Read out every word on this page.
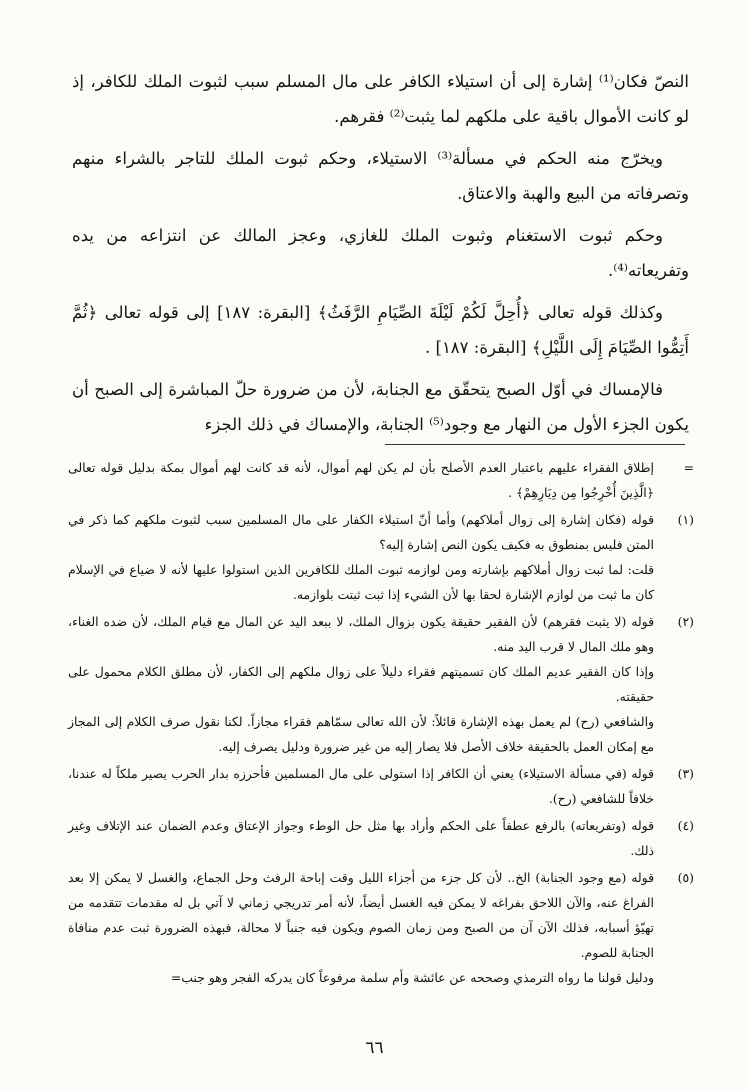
النصّ فكان⁽¹⁾ إشارة إلى أن استيلاء الكافر على مال المسلم سبب لثبوت الملك للكافر، إذ لو كانت الأموال باقية على ملكهم لما يثبت⁽²⁾ فقرهم.

ويخرّج منه الحكم في مسألة⁽³⁾ الاستيلاء، وحكم ثبوت الملك للتاجر بالشراء منهم وتصرفاته من البيع والهبة والاعتاق.

وحكم ثبوت الاستغنام وثبوت الملك للغازي، وعجز المالك عن انتزاعه من يده وتفريعاته⁽⁴⁾.

وكذلك قوله تعالى ﴿أُحِلَّ لَكُمْ لَيْلَةَ الصِّيَامِ الرَّفَثُ﴾ [البقرة: ١٨٧] إلى قوله تعالى ﴿ثُمَّ أَتِمُّوا الصِّيَامَ إِلَى اللَّيْلِ﴾ [البقرة: ١٨٧] .

فالإمساك في أوّل الصبح يتحقّق مع الجنابة، لأن من ضرورة حلّ المباشرة إلى الصبح أن يكون الجزء الأول من النهار مع وجود⁽⁵⁾ الجنابة، والإمساك في ذلك الجزء

=

إطلاق الفقراء عليهم باعتبار العدم الأصلح بأن لم يكن لهم أموال، لأنه قد كانت لهم أموال بمكة بدليل قوله تعالى ﴿الَّذِينَ أُخْرِجُوا مِن دِيَارِهِمْ﴾ .

(١)

قوله (فكان إشارة إلى زوال أملاكهم) وأما أنّ استيلاء الكفار على مال المسلمين سبب لثبوت ملكهم كما ذكر في المتن فليس بمنطوق به فكيف يكون النص إشارة إليه؟

قلت: لما ثبت زوال أملاكهم بإشارته ومن لوازمه ثبوت الملك للكافرين الذين استولوا عليها لأنه لا ضياع في الإسلام كان ما ثبت من لوازم الإشارة لحقا بها لأن الشيء إذا ثبت ثبتت بلوازمه.

(٢)

قوله (لا يثبت فقرهم) لأن الفقير حقيقة يكون بزوال الملك، لا ببعد اليد عن المال مع قيام الملك، لأن ضده الغناء، وهو ملك المال لا قرب اليد منه.

وإذا كان الفقير عديم الملك كان تسميتهم فقراء دليلاً على زوال ملكهم إلى الكفار، لأن مطلق الكلام محمول على حقيقته.

والشافعي (رح) لم يعمل بهذه الإشارة قائلاً: لأن الله تعالى سمّاهم فقراء مجازاً. لكنا نقول صرف الكلام إلى المجاز مع إمكان العمل بالحقيقة خلاف الأصل فلا يصار إليه من غير ضرورة ودليل يصرف إليه.

(٣)

قوله (في مسألة الاستيلاء) يعني أن الكافر إذا استولى على مال المسلمين فأحرزه بدار الحرب يصير ملكاً له عندنا، خلافاً للشافعي (رح).

(٤)

قوله (وتفريعاته) بالرفع عطفاً على الحكم وأراد بها مثل حل الوطء وجواز الإعتاق وعدم الضمان عند الإتلاف وغير ذلك.

(٥)

قوله (مع وجود الجنابة) الخ.. لأن كل جزء من أجزاء الليل وقت إباحة الرفث وحل الجماع، والغسل لا يمكن إلا بعد الفراغ عنه، والآن اللاحق بفراغه لا يمكن فيه الغسل أيضاً، لأنه أمر تدريجي زماني لا آتي بل له مقدمات تتقدمه من تهيّؤ أسبابه، فذلك الآن آن من الصبح ومن زمان الصوم ويكون فيه جنباً لا محالة، فبهذه الضرورة ثبت عدم منافاة الجنابة للصوم.

ودليل قولنا ما رواه الترمذي وصححه عن عائشة وأم سلمة مرفوعاً كان يدركه الفجر وهو جنب=

٦٦
